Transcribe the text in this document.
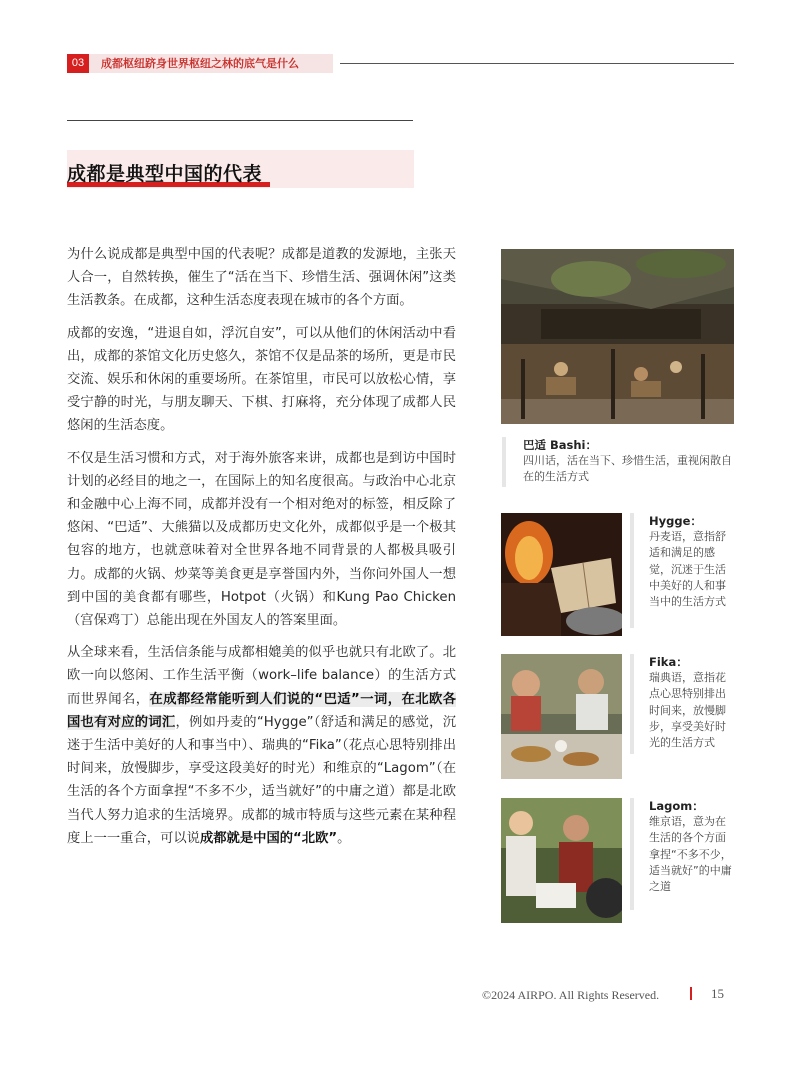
03	成都枢纽跻身世界枢纽之林的底气是什么
成都是典型中国的代表

为什么说成都是典型中国的代表呢？成都是道教的发源地，主张天人合一，自然转换，催生了“活在当下、珍惜生活、强调休闲”这类生活教条。在成都，这种生活态度表现在城市的各个方面。

成都的安逸，“进退自如，浮沉自安”，可以从他们的休闲活动中看出，成都的茶馆文化历史悠久，茶馆不仅是品茶的场所，更是市民交流、娱乐和休闲的重要场所。在茶馆里，市民可以放松心情，享受宁静的时光，与朋友聊天、下棋、打麻将，充分体现了成都人民悠闲的生活态度。

不仅是生活习惯和方式，对于海外旅客来讲，成都也是到访中国时计划的必经目的地之一，在国际上的知名度很高。与政治中心北京和金融中心上海不同，成都并没有一个相对绝对的标签，相反除了悠闲、“巴适”、大熊猫以及成都历史文化外，成都似乎是一个极其包容的地方，也就意味着对全世界各地不同背景的人都极具吸引力。成都的火锅、炒菜等美食更是享誉国内外，当你问外国人一想到中国的美食都有哪些，Hotpot（火锅）和Kung Pao Chicken（宫保鸡丁）总能出现在外国友人的答案里面。

从全球来看，生活信条能与成都相媲美的似乎也就只有北欧了。北欧一向以悠闲、工作生活平衡（work–life balance）的生活方式而世界闻名，在成都经常能听到人们说的“巴适”一词，在北欧各国也有对应的词汇，例如丹麦的“Hygge”（舒适和满足的感觉，沉迷于生活中美好的人和事当中）、瑞典的“Fika”（花点心思特别排出时间来，放慢脚步，享受这段美好的时光）和维京的“Lagom”（在生活的各个方面拿捏“不多不少，适当就好”的中庸之道）都是北欧当代人努力追求的生活境界。成都的城市特质与这些元素在某种程度上一一重合，可以说成都就是中国的“北欧”。

巴适 Bashi：
四川话，活在当下、珍惜生活，重视闲散自在的生活方式
Hygge：
丹麦语，意指舒适和满足的感觉，沉迷于生活中美好的人和事当中的生活方式
Fika：
瑞典语，意指花点心思特别排出时间来，放慢脚步，享受美好时光的生活方式
Lagom：
维京语，意为在生活的各个方面拿捏“不多不少，适当就好”的中庸之道
©2024 AIRPO. All Rights Reserved.	15
